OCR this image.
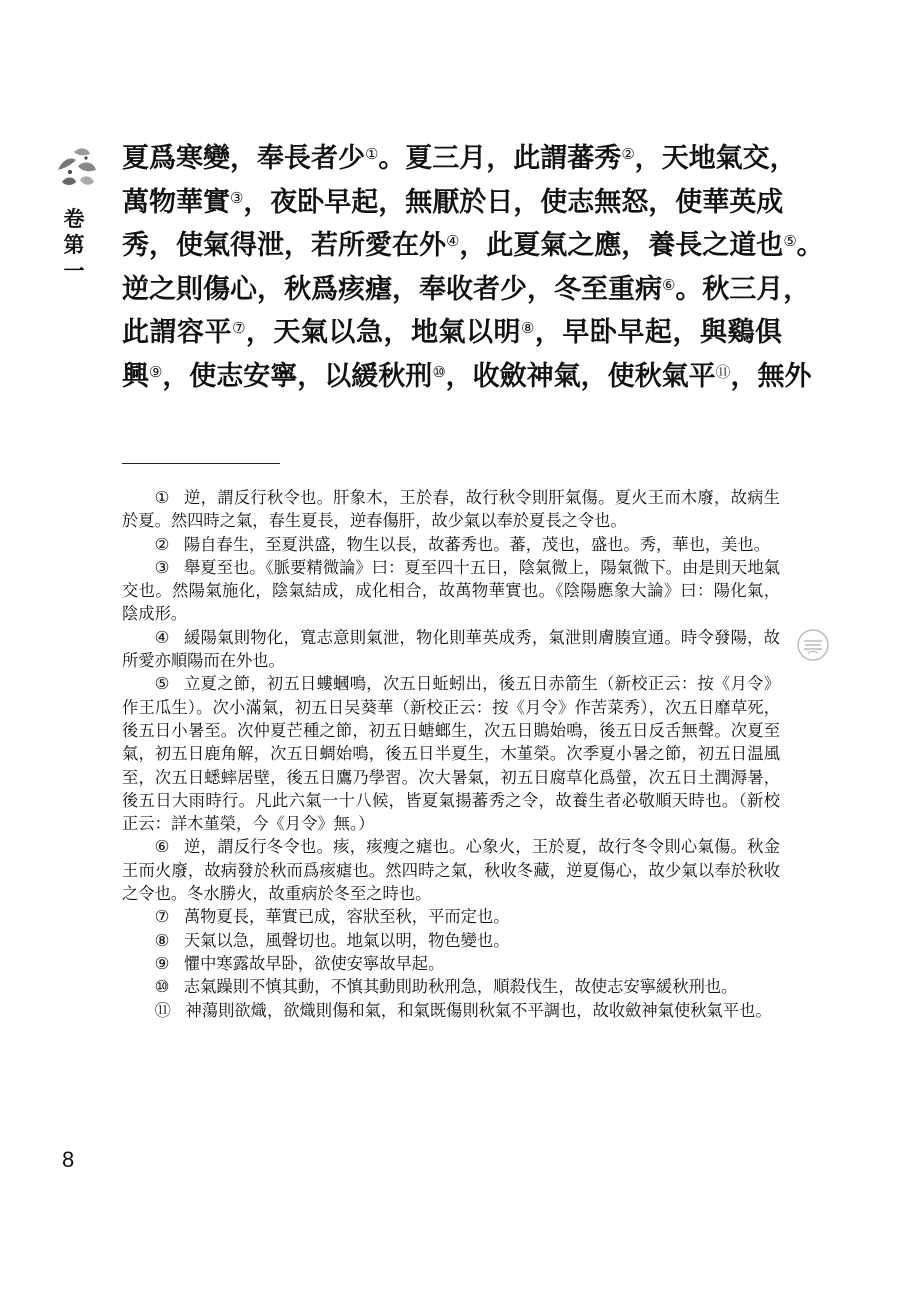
卷
第
一
夏爲寒變，奉長者少①。夏三月，此謂蕃秀②，天地氣交，
萬物華實③，夜卧早起，無厭於日，使志無怒，使華英成
秀，使氣得泄，若所愛在外④，此夏氣之應，養長之道也⑤。
逆之則傷心，秋爲痎瘧，奉收者少，冬至重病⑥。秋三月，
此謂容平⑦，天氣以急，地氣以明⑧，早卧早起，與鷄俱
興⑨，使志安寧，以緩秋刑⑩，收斂神氣，使秋氣平⑪，無外

① 逆，謂反行秋令也。肝象木，王於春，故行秋令則肝氣傷。夏火王而木廢，故病生於夏。然四時之氣，春生夏長，逆春傷肝，故少氣以奉於夏長之令也。

② 陽自春生，至夏洪盛，物生以長，故蕃秀也。蕃，茂也，盛也。秀，華也，美也。

③ 舉夏至也。《脈要精微論》曰：夏至四十五日，陰氣微上，陽氣微下。由是則天地氣交也。然陽氣施化，陰氣結成，成化相合，故萬物華實也。《陰陽應象大論》曰：陽化氣，陰成形。

④ 緩陽氣則物化，寬志意則氣泄，物化則華英成秀，氣泄則膚腠宣通。時令發陽，故所愛亦順陽而在外也。

⑤ 立夏之節，初五日螻蟈鳴，次五日蚯蚓出，後五日赤箭生（新校正云：按《月令》作王瓜生）。次小滿氣，初五日吴葵華（新校正云：按《月令》作苦菜秀），次五日靡草死，後五日小暑至。次仲夏芒種之節，初五日螗螂生，次五日鵙始鳴，後五日反舌無聲。次夏至氣，初五日鹿角解，次五日蜩始鳴，後五日半夏生，木堇榮。次季夏小暑之節，初五日温風至，次五日蟋蟀居壁，後五日鷹乃學習。次大暑氣，初五日腐草化爲螢，次五日土潤溽暑，後五日大雨時行。凡此六氣一十八候，皆夏氣揚蕃秀之令，故養生者必敬順天時也。（新校正云：詳木堇榮，今《月令》無。）

⑥ 逆，謂反行冬令也。痎，痎瘦之瘧也。心象火，王於夏，故行冬令則心氣傷。秋金王而火廢，故病發於秋而爲痎瘧也。然四時之氣，秋收冬藏，逆夏傷心，故少氣以奉於秋收之令也。冬水勝火，故重病於冬至之時也。

⑦ 萬物夏長，華實已成，容狀至秋，平而定也。

⑧ 天氣以急，風聲切也。地氣以明，物色變也。

⑨ 懼中寒露故早卧，欲使安寧故早起。

⑩ 志氣躁則不慎其動，不慎其動則助秋刑急，順殺伐生，故使志安寧緩秋刑也。

⑪ 神蕩則欲熾，欲熾則傷和氣，和氣既傷則秋氣不平調也，故收斂神氣使秋氣平也。

8
